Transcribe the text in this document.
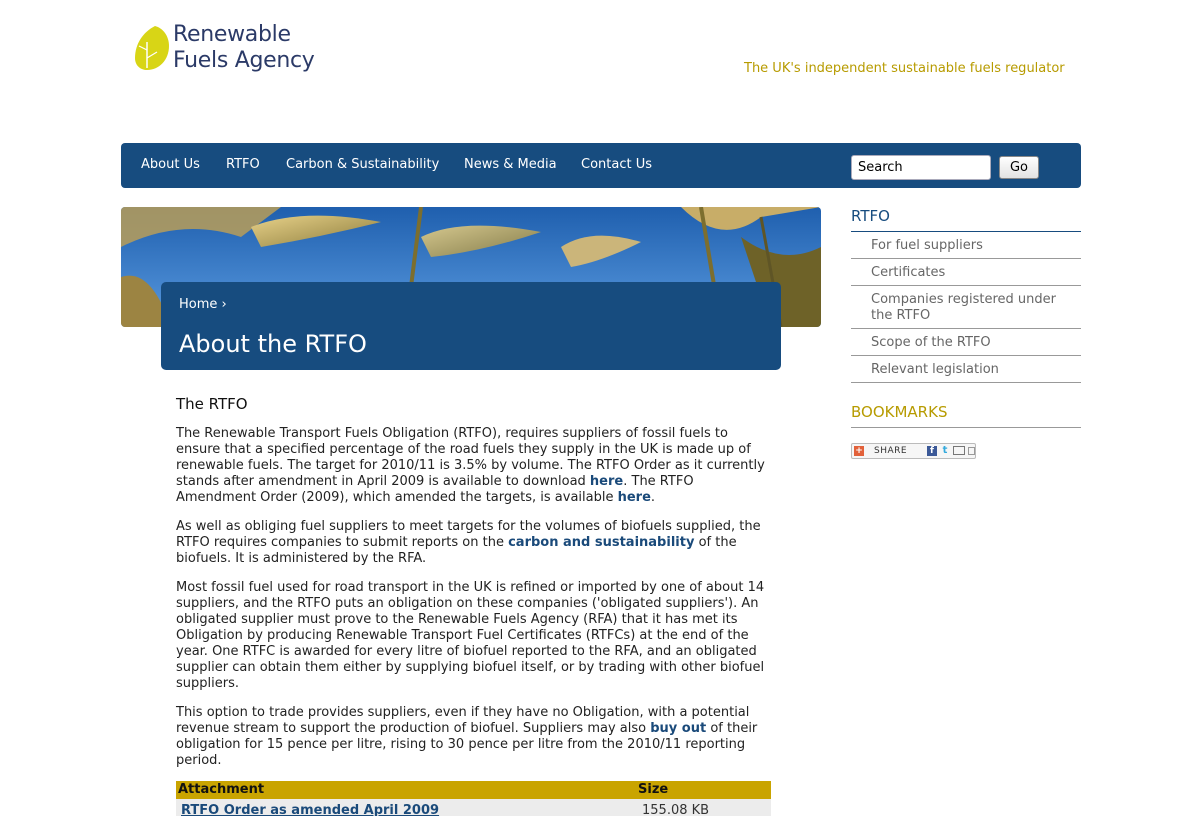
Renewable
Fuels Agency	The UK's independent sustainable fuels regulator
About Us RTFO Carbon & Sustainability News & Media Contact Us
Search	Go
Home ›
About the RTFO
The RTFO

The Renewable Transport Fuels Obligation (RTFO), requires suppliers of fossil fuels to ensure that a specified percentage of the road fuels they supply in the UK is made up of renewable fuels. The target for 2010/11 is 3.5% by volume. The RTFO Order as it currently stands after amendment in April 2009 is available to download here. The RTFO Amendment Order (2009), which amended the targets, is available here.

As well as obliging fuel suppliers to meet targets for the volumes of biofuels supplied, the RTFO requires companies to submit reports on the carbon and sustainability of the biofuels. It is administered by the RFA.

Most fossil fuel used for road transport in the UK is refined or imported by one of about 14 suppliers, and the RTFO puts an obligation on these companies ('obligated suppliers'). An obligated supplier must prove to the Renewable Fuels Agency (RFA) that it has met its Obligation by producing Renewable Transport Fuel Certificates (RTFCs) at the end of the year. One RTFC is awarded for every litre of biofuel reported to the RFA, and an obligated supplier can obtain them either by supplying biofuel itself, or by trading with other biofuel suppliers.

This option to trade provides suppliers, even if they have no Obligation, with a potential revenue stream to support the production of biofuel. Suppliers may also buy out of their obligation for 15 pence per litre, rising to 30 pence per litre from the 2010/11 reporting period.

Attachment	Size
RTFO Order as amended April 2009	155.08 KB
RTFO
For fuel suppliers
Certificates
Companies registered under the RTFO
Scope of the RTFO
Relevant legislation
BOOKMARKS
+ SHARE	f t
